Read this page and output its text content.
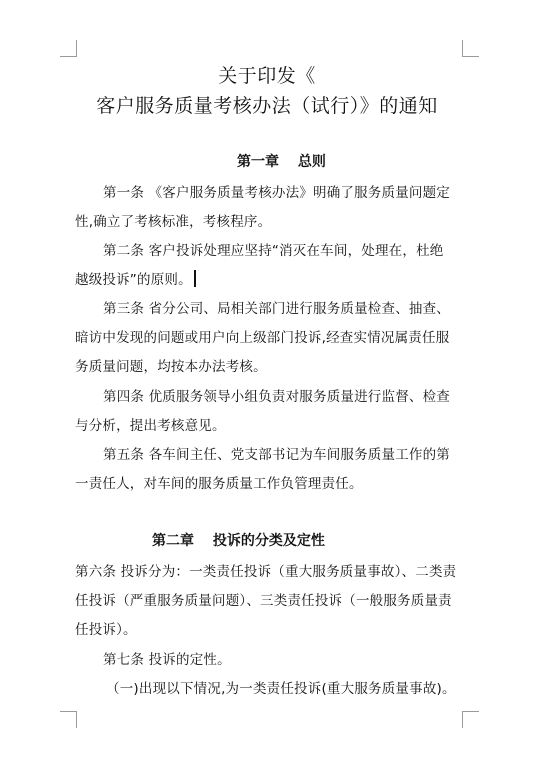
关于印发《
客户服务质量考核办法（试行）》的通知
第一章　 总则
第一条 《客户服务质量考核办法》明确了服务质量问题定
性,确立了考核标准，考核程序。
第二条 客户投诉处理应坚持“消灭在车间，处理在，杜绝
越级投诉”的原则。
第三条 省分公司、局相关部门进行服务质量检查、抽查、
暗访中发现的问题或用户向上级部门投诉,经查实情况属责任服
务质量问题，均按本办法考核。
第四条 优质服务领导小组负责对服务质量进行监督、检查
与分析，提出考核意见。
第五条 各车间主任、党支部书记为车间服务质量工作的第
一责任人，对车间的服务质量工作负管理责任。
第二章　 投诉的分类及定性
第六条 投诉分为：一类责任投诉（重大服务质量事故）、二类责
任投诉（严重服务质量问题）、三类责任投诉（一般服务质量责
任投诉）。
第七条 投诉的定性。
（一)出现以下情况,为一类责任投诉(重大服务质量事故)。
